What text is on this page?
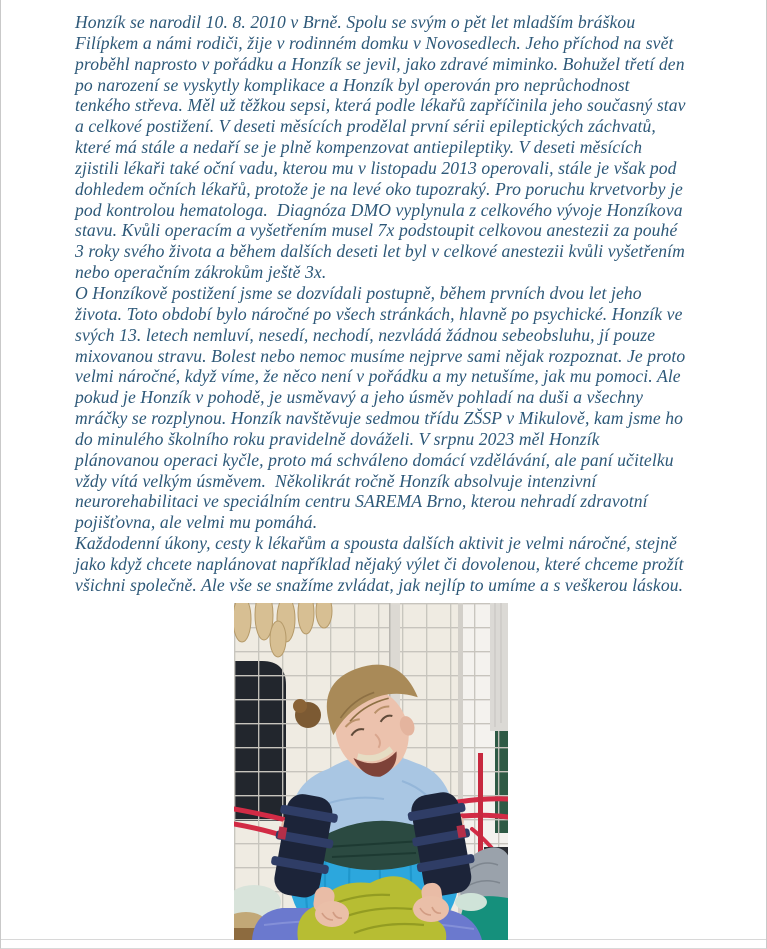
Honzík se narodil 10. 8. 2010 v Brně. Spolu se svým o pět let mladším bráškou
Filípkem a námi rodiči, žije v rodinném domku v Novosedlech. Jeho příchod na svět
proběhl naprosto v pořádku a Honzík se jevil, jako zdravé miminko. Bohužel třetí den
po narození se vyskytly komplikace a Honzík byl operován pro neprůchodnost
tenkého střeva. Měl už těžkou sepsi, která podle lékařů zapříčinila jeho současný stav
a celkové postižení. V deseti měsících prodělal první sérii epileptických záchvatů,
které má stále a nedaří se je plně kompenzovat antiepileptiky. V deseti měsících
zjistili lékaři také oční vadu, kterou mu v listopadu 2013 operovali, stále je však pod
dohledem očních lékařů, protože je na levé oko tupozraký. Pro poruchu krvetvorby je
pod kontrolou hematologa.  Diagnóza DMO vyplynula z celkového vývoje Honzíkova
stavu. Kvůli operacím a vyšetřením musel 7x podstoupit celkovou anestezii za pouhé
3 roky svého života a během dalších deseti let byl v celkové anestezii kvůli vyšetřením
nebo operačním zákrokům ještě 3x.
O Honzíkově postižení jsme se dozvídali postupně, během prvních dvou let jeho
života. Toto období bylo náročné po všech stránkách, hlavně po psychické. Honzík ve
svých 13. letech nemluví, nesedí, nechodí, nezvládá žádnou sebeobsluhu, jí pouze
mixovanou stravu. Bolest nebo nemoc musíme nejprve sami nějak rozpoznat. Je proto
velmi náročné, když víme, že něco není v pořádku a my netušíme, jak mu pomoci. Ale
pokud je Honzík v pohodě, je usměvavý a jeho úsměv pohladí na duši a všechny
mráčky se rozplynou. Honzík navštěvuje sedmou třídu ZŠSP v Mikulově, kam jsme ho
do minulého školního roku pravidelně dováželi. V srpnu 2023 měl Honzík
plánovanou operaci kyčle, proto má schváleno domácí vzdělávání, ale paní učitelku
vždy vítá velkým úsměvem.  Několikrát ročně Honzík absolvuje intenzivní
neurorehabilitaci ve speciálním centru SAREMA Brno, kterou nehradí zdravotní
pojišťovna, ale velmi mu pomáhá.
Každodenní úkony, cesty k lékařům a spousta dalších aktivit je velmi náročné, stejně
jako když chcete naplánovat například nějaký výlet či dovolenou, které chceme prožít
všichni společně. Ale vše se snažíme zvládat, jak nejlíp to umíme a s veškerou láskou.
